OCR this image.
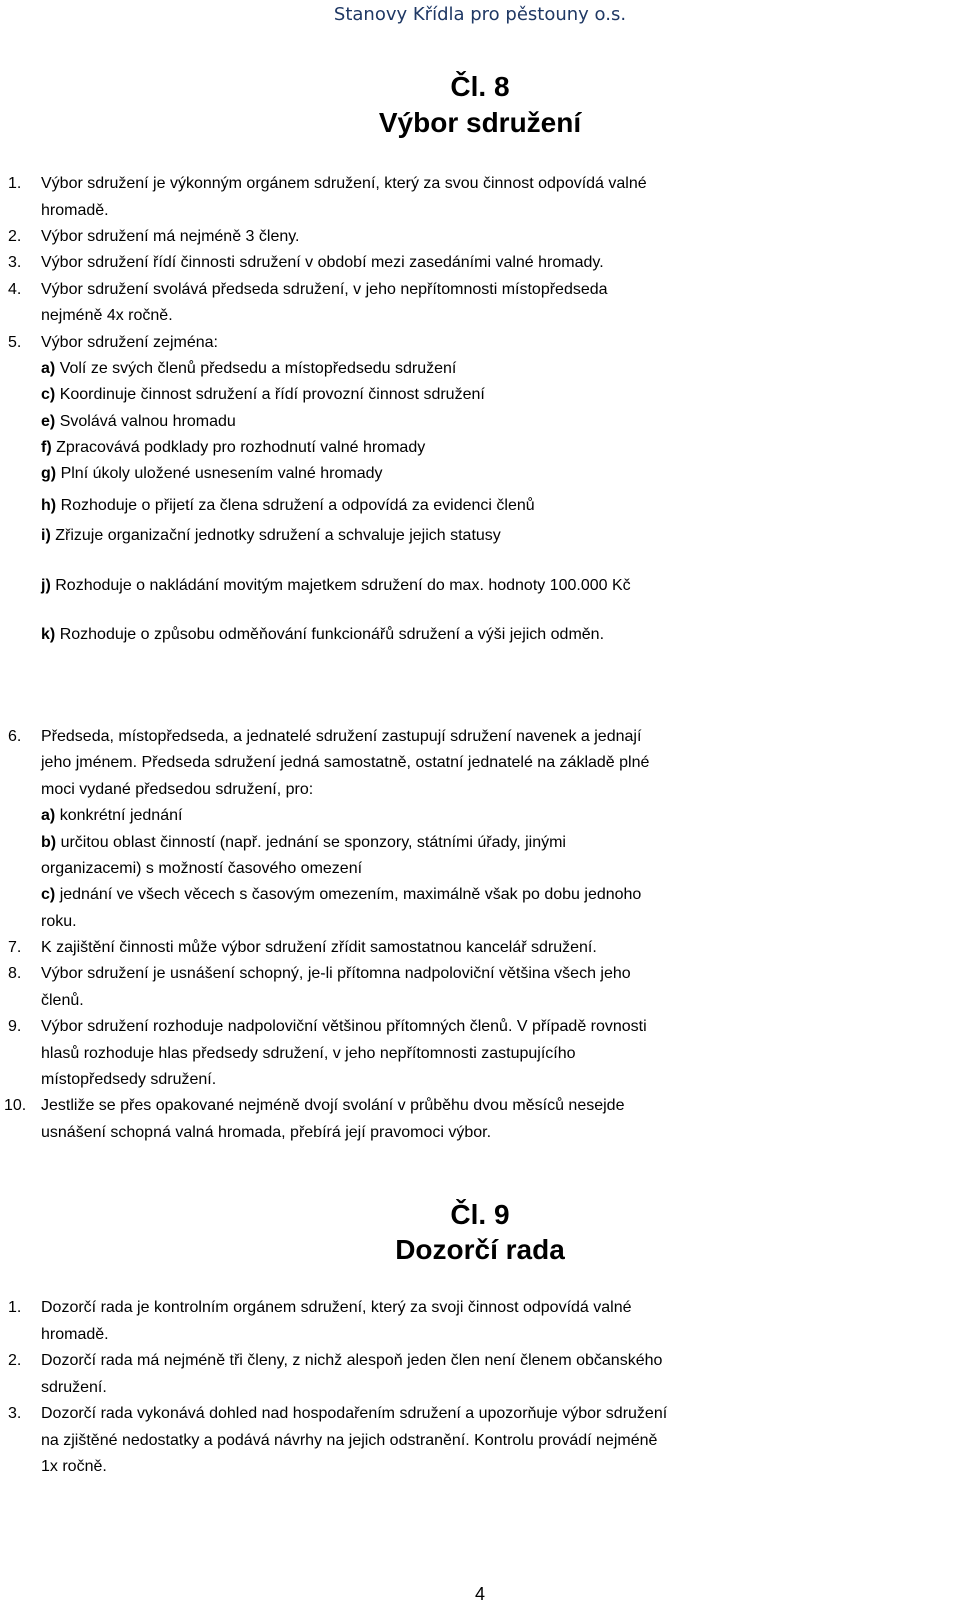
Stanovy Křídla pro pěstouny o.s.
Čl. 8
Výbor sdružení
1.	Výbor sdružení je výkonným orgánem sdružení, který za svou činnost odpovídá valné
hromadě.
2.	Výbor sdružení má nejméně 3 členy.
3.	Výbor sdružení řídí činnosti sdružení v období mezi zasedáními valné hromady.
4.	Výbor sdružení svolává předseda sdružení, v jeho nepřítomnosti místopředseda
nejméně 4x ročně.
5.	Výbor sdružení zejména:
a) Volí ze svých členů předsedu a místopředsedu sdružení
c) Koordinuje činnost sdružení a řídí provozní činnost sdružení
e) Svolává valnou hromadu
f) Zpracovává podklady pro rozhodnutí valné hromady
g) Plní úkoly uložené usnesením valné hromady
h) Rozhoduje o přijetí za člena sdružení a odpovídá za evidenci členů
i) Zřizuje organizační jednotky sdružení a schvaluje jejich statusy
j) Rozhoduje o nakládání movitým majetkem sdružení do max. hodnoty 100.000 Kč
k) Rozhoduje o způsobu odměňování funkcionářů sdružení a výši jejich odměn.
6.	Předseda, místopředseda, a jednatelé sdružení zastupují sdružení navenek a jednají
jeho jménem. Předseda sdružení jedná samostatně, ostatní jednatelé na základě plné
moci vydané předsedou sdružení, pro:
a) konkrétní jednání
b) určitou oblast činností (např. jednání se sponzory, státními úřady, jinými
organizacemi) s možností časového omezení
c) jednání ve všech věcech s časovým omezením, maximálně však po dobu jednoho
roku.
7.	K zajištění činnosti může výbor sdružení zřídit samostatnou kancelář sdružení.
8.	Výbor sdružení je usnášení schopný, je-li přítomna nadpoloviční většina všech jeho
členů.
9.	Výbor sdružení rozhoduje nadpoloviční většinou přítomných členů. V případě rovnosti
hlasů rozhoduje hlas předsedy sdružení, v jeho nepřítomnosti zastupujícího
místopředsedy sdružení.
10. Jestliže se přes opakované nejméně dvojí svolání v průběhu dvou měsíců nesejde
usnášení schopná valná hromada, přebírá její pravomoci výbor.
Čl. 9
Dozorčí rada
1.	Dozorčí rada je kontrolním orgánem sdružení, který za svoji činnost odpovídá valné
hromadě.
2.	Dozorčí rada má nejméně tři členy, z nichž alespoň jeden člen není členem občanského
sdružení.
3.	Dozorčí rada vykonává dohled nad hospodařením sdružení a upozorňuje výbor sdružení
na zjištěné nedostatky a podává návrhy na jejich odstranění. Kontrolu provádí nejméně
1x ročně.
4
